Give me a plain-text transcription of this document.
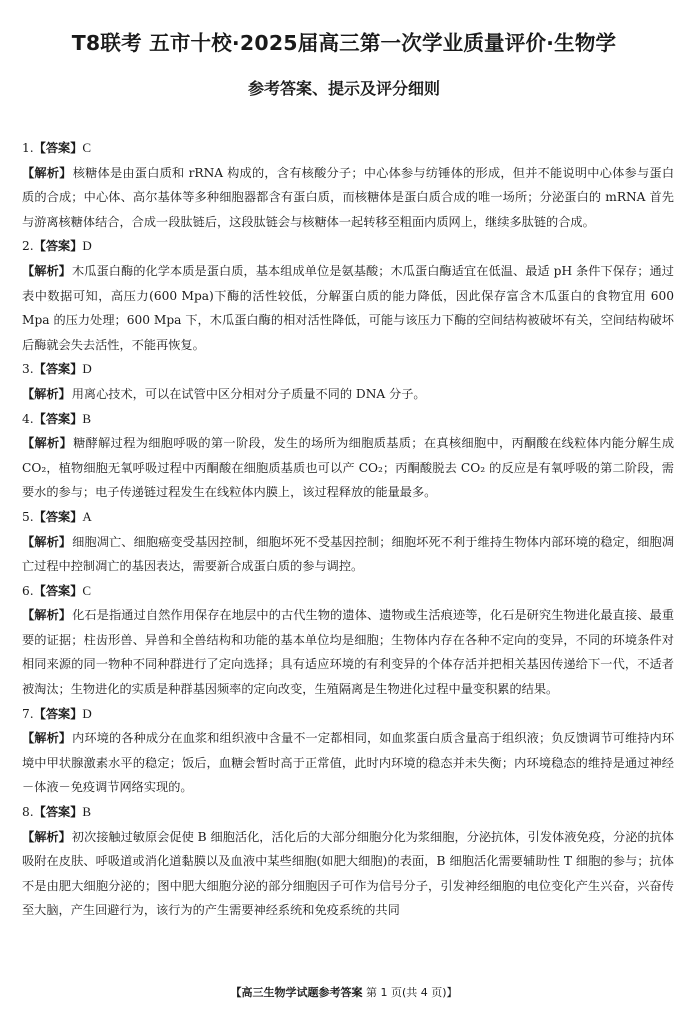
T8联考 五市十校·2025届高三第一次学业质量评价·生物学
参考答案、提示及评分细则
1.【答案】C
【解析】核糖体是由蛋白质和 rRNA 构成的，含有核酸分子；中心体参与纺锤体的形成，但并不能说明中心体参与蛋白质的合成；中心体、高尔基体等多种细胞器都含有蛋白质，而核糖体是蛋白质合成的唯一场所；分泌蛋白的 mRNA 首先与游离核糖体结合，合成一段肽链后，这段肽链会与核糖体一起转移至粗面内质网上，继续多肽链的合成。
2.【答案】D
【解析】木瓜蛋白酶的化学本质是蛋白质，基本组成单位是氨基酸；木瓜蛋白酶适宜在低温、最适 pH 条件下保存；通过表中数据可知，高压力(600 Mpa)下酶的活性较低，分解蛋白质的能力降低，因此保存富含木瓜蛋白的食物宜用 600 Mpa 的压力处理；600 Mpa 下，木瓜蛋白酶的相对活性降低，可能与该压力下酶的空间结构被破坏有关，空间结构破坏后酶就会失去活性，不能再恢复。
3.【答案】D
【解析】用离心技术，可以在试管中区分相对分子质量不同的 DNA 分子。
4.【答案】B
【解析】糖酵解过程为细胞呼吸的第一阶段，发生的场所为细胞质基质；在真核细胞中，丙酮酸在线粒体内能分解生成 CO₂，植物细胞无氧呼吸过程中丙酮酸在细胞质基质也可以产 CO₂；丙酮酸脱去 CO₂ 的反应是有氧呼吸的第二阶段，需要水的参与；电子传递链过程发生在线粒体内膜上，该过程释放的能量最多。
5.【答案】A
【解析】细胞凋亡、细胞癌变受基因控制，细胞坏死不受基因控制；细胞坏死不利于维持生物体内部环境的稳定，细胞凋亡过程中控制凋亡的基因表达，需要新合成蛋白质的参与调控。
6.【答案】C
【解析】化石是指通过自然作用保存在地层中的古代生物的遗体、遗物或生活痕迹等，化石是研究生物进化最直接、最重要的证据；柱齿形兽、异兽和全兽结构和功能的基本单位均是细胞；生物体内存在各种不定向的变异，不同的环境条件对相同来源的同一物种不同种群进行了定向选择；具有适应环境的有利变异的个体存活并把相关基因传递给下一代，不适者被淘汰；生物进化的实质是种群基因频率的定向改变，生殖隔离是生物进化过程中量变积累的结果。
7.【答案】D
【解析】内环境的各种成分在血浆和组织液中含量不一定都相同，如血浆蛋白质含量高于组织液；负反馈调节可维持内环境中甲状腺激素水平的稳定；饭后，血糖会暂时高于正常值，此时内环境的稳态并未失衡；内环境稳态的维持是通过神经－体液－免疫调节网络实现的。
8.【答案】B
【解析】初次接触过敏原会促使 B 细胞活化，活化后的大部分细胞分化为浆细胞，分泌抗体，引发体液免疫，分泌的抗体吸附在皮肤、呼吸道或消化道黏膜以及血液中某些细胞(如肥大细胞)的表面，B 细胞活化需要辅助性 T 细胞的参与；抗体不是由肥大细胞分泌的；图中肥大细胞分泌的部分细胞因子可作为信号分子，引发神经细胞的电位变化产生兴奋，兴奋传至大脑，产生回避行为，该行为的产生需要神经系统和免疫系统的共同
【高三生物学试题参考答案 第 1 页(共 4 页)】
